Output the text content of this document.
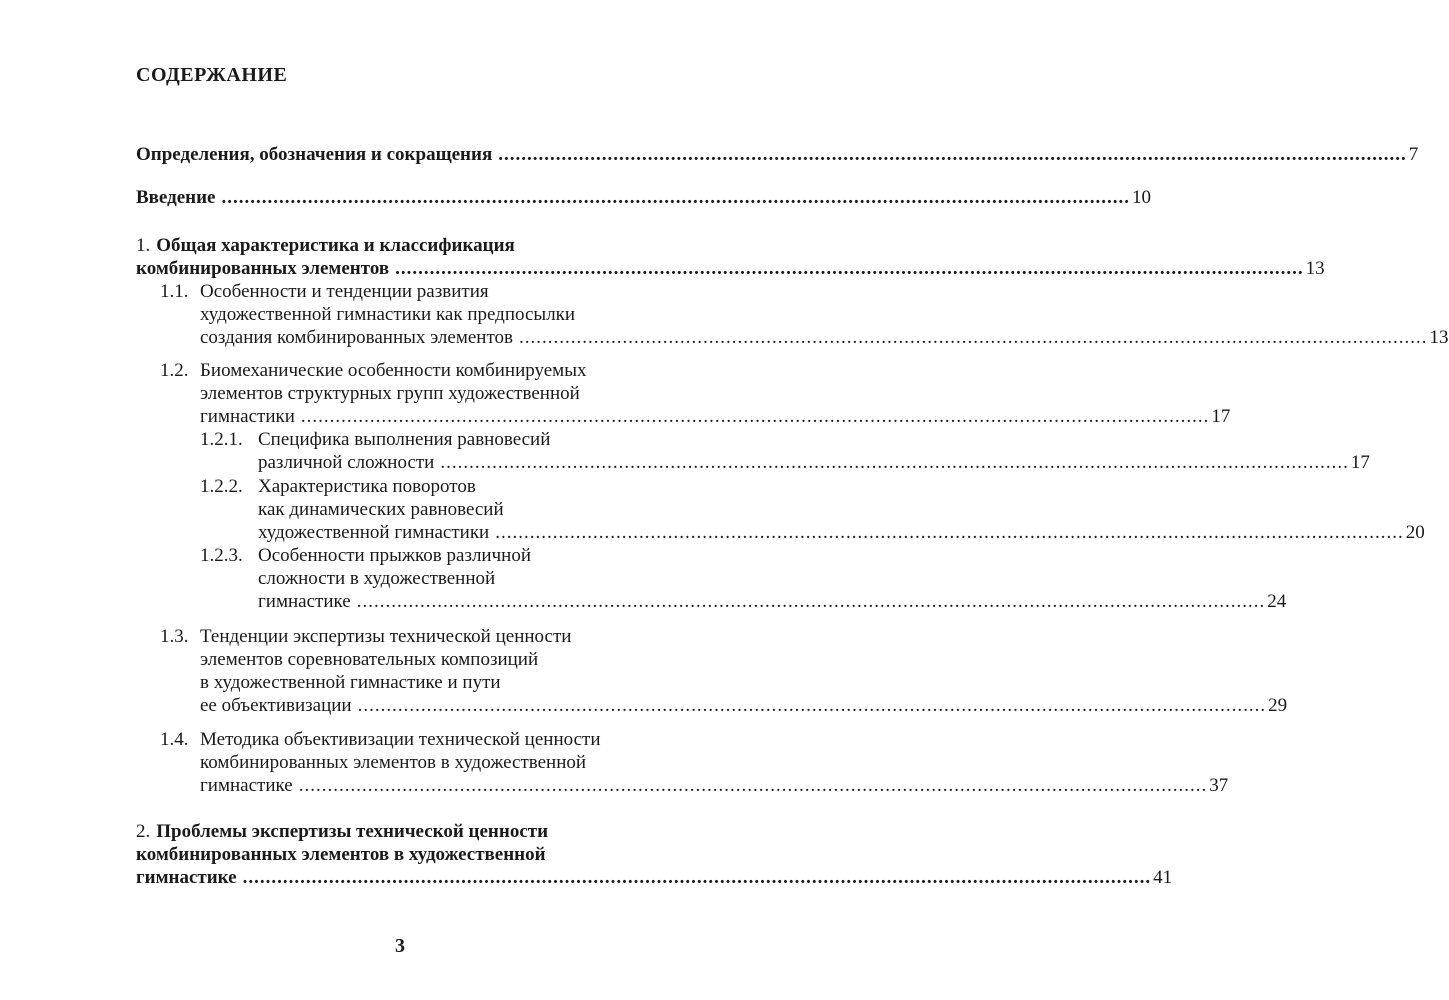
СОДЕРЖАНИЕ
Определения, обозначения и сокращения .....	7
Введение .....	10
1. Общая характеристика и классификация
комбинированных элементов .....	13
1.1. Особенности и тенденции развития
художественной гимнастики как предпосылки
создания комбинированных элементов .....	13
1.2. Биомеханические особенности комбинируемых
элементов структурных групп художественной
гимнастики .....	17
1.2.1. Специфика выполнения равновесий
различной сложности .....	17
1.2.2. Характеристика поворотов
как динамических равновесий
художественной гимнастики .....	20
1.2.3. Особенности прыжков различной
сложности в художественной
гимнастике .....	24
1.3. Тенденции экспертизы технической ценности
элементов соревновательных композиций
в художественной гимнастике и пути
ее объективизации .....	29
1.4. Методика объективизации технической ценности
комбинированных элементов в художественной
гимнастике .....	37
2. Проблемы экспертизы технической ценности
комбинированных элементов в художественной
гимнастике .....	41
3
